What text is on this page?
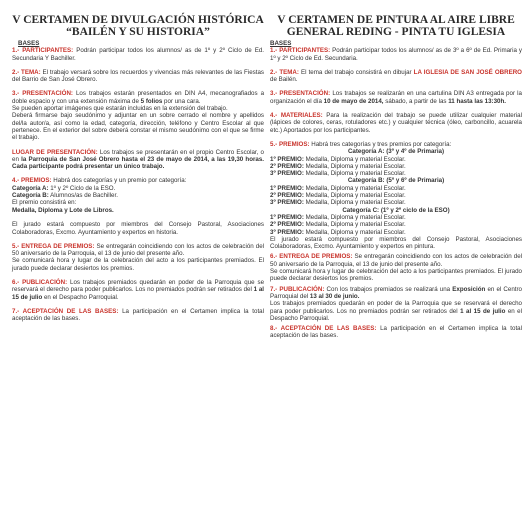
V CERTAMEN DE DIVULGACIÓN HISTÓRICA

“BAILÉN Y SU HISTORIA”

BASES
1.- PARTICIPANTES: Podrán participar todos los alumnos/ as de 1º y 2º Ciclo de Ed. Secundaria Y Bachiller.
2.- TEMA: El trabajo versará sobre los recuerdos y vivencias más relevantes de las Fiestas del Barrio de San José Obrero.
3.- PRESENTACIÓN: Los trabajos estarán presentados en DIN A4, mecanografiados a doble espacio y con una extensión máxima de 5 folios por una cara.
Se pueden aportar imágenes que estarán incluidas en la extensión del trabajo.
Deberá firmarse bajo seudónimo y adjuntar en un sobre cerrado el nombre y apellidos del/la autor/a, así como la edad, categoría, dirección, teléfono y Centro Escolar al que pertenece. En el exterior del sobre deberá constar el mismo seudónimo con el que se firme el trabajo.
LUGAR DE PRESENTACIÓN: Los trabajos se presentarán en el propio Centro Escolar, o en la Parroquia de San José Obrero hasta el 23 de mayo de 2014, a las 19,30 horas. Cada participante podrá presentar un único trabajo.
4.- PREMIOS: Habrá dos categorías y un premio por categoría:
Categoría A: 1º y 2º Ciclo de la ESO.
Categoría B: Alumnos/as de Bachiller.
El premio consistirá en:
Medalla, Diploma y Lote de Libros.

El jurado estará compuesto por miembros del Consejo Pastoral, Asociaciones Colaboradoras, Excmo. Ayuntamiento y expertos en historia.
5.- ENTREGA DE PREMIOS: Se entregarán coincidiendo con los actos de celebración del 50 aniversario de la Parroquia, el 13 de junio del presente año.
Se comunicará hora y lugar de la celebración del acto a los participantes premiados. El jurado puede declarar desiertos los premios.
6.- PUBLICACIÓN: Los trabajos premiados quedarán en poder de la Parroquia que se reservará el derecho para poder publicarlos. Los no premiados podrán ser retirados del 1 al 15 de julio en el Despacho Parroquial.
7.- ACEPTACIÓN DE LAS BASES: La participación en el Certamen implica la total aceptación de las bases.

V CERTAMEN DE PINTURA AL AIRE LIBRE

GENERAL REDING - PINTA TU IGLESIA

BASES
1.- PARTICIPANTES: Podrán participar todos los alumnos/ as de 3º a 6º de Ed. Primaria y 1º y 2º Ciclo de Ed. Secundaria.
2.- TEMA: El tema del trabajo consistirá en dibujar LA IGLESIA DE SAN JOSÉ OBRERO de Bailén.
3.- PRESENTACIÓN: Los trabajos se realizarán en una cartulina DIN A3 entregada por la organización el día 10 de mayo de 2014, sábado, a partir de las 11 hasta las 13:30h.
4.- MATERIALES: Para la realización del trabajo se puede utilizar cualquier material (lápices de colores, ceras, rotuladores etc.) y cualquier técnica (óleo, carboncillo, acuarela etc.) Aportados por los participantes.
5.- PREMIOS: Habrá tres categorías y tres premios por categoría:
Categoría A: (3º y 4º de Primaria)
1º PREMIO: Medalla, Diploma y material Escolar.
2º PREMIO: Medalla, Diploma y material Escolar.
3º PREMIO: Medalla, Diploma y material Escolar.
Categoría B: (5º y 6º de Primaria)
1º PREMIO: Medalla, Diploma y material Escolar.
2º PREMIO: Medalla, Diploma y material Escolar.
3º PREMIO: Medalla, Diploma y material Escolar.
Categoría C: (1º y 2º ciclo de la ESO)
1º PREMIO: Medalla, Diploma y material Escolar.
2º PREMIO: Medalla, Diploma y material Escolar.
3º PREMIO: Medalla, Diploma y material Escolar.
El jurado estará compuesto por miembros del Consejo Pastoral, Asociaciones Colaboradoras, Excmo. Ayuntamiento y expertos en pintura.
6.- ENTREGA DE PREMIOS: Se entregarán coincidiendo con los actos de celebración del 50 aniversario de la Parroquia, el 13 de junio del presente año.
Se comunicará hora y lugar de celebración del acto a los participantes premiados. El jurado puede declarar desiertos los premios.
7.- PUBLICACIÓN: Con los trabajos premiados se realizará una Exposición en el Centro Parroquial del 13 al 30 de junio.
Los trabajos premiados quedarán en poder de la Parroquia que se reservará el derecho para poder publicarlos. Los no premiados podrán ser retirados del 1 al 15 de julio en el Despacho Parroquial.
8.- ACEPTACIÓN DE LAS BASES: La participación en el Certamen implica la total aceptación de las bases.
